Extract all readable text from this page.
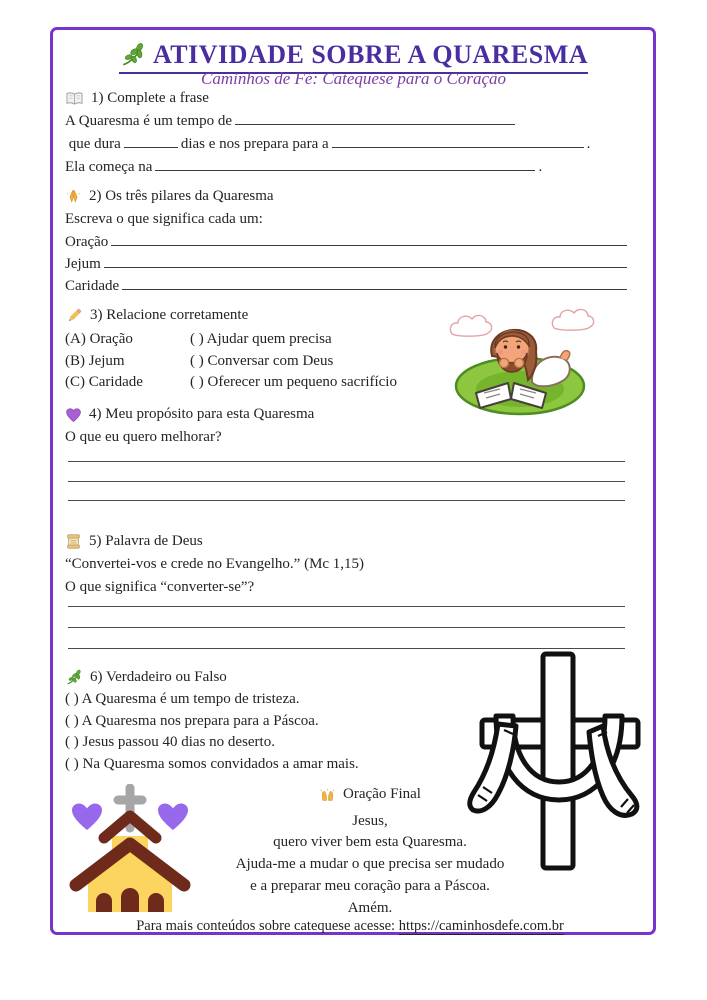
ATIVIDADE SOBRE A QUARESMA
Caminhos de Fé: Catequese para o Coração
1) Complete a frase
A Quaresma é um tempo de
que dura	dias e nos prepara para a	.
Ela começa na	.
2) Os três pilares da Quaresma
Escreva o que significa cada um:
Oração
Jejum
Caridade
3) Relacione corretamente
(A) Oração	( ) Ajudar quem precisa
(B) Jejum	( ) Conversar com Deus
(C) Caridade	( ) Oferecer um pequeno sacrifício
4) Meu propósito para esta Quaresma
O que eu quero melhorar?
5) Palavra de Deus
“Convertei-vos e crede no Evangelho.” (Mc 1,15)
O que significa “converter-se”?
6) Verdadeiro ou Falso
( ) A Quaresma é um tempo de tristeza.
( ) A Quaresma nos prepara para a Páscoa.
( ) Jesus passou 40 dias no deserto.
( ) Na Quaresma somos convidados a amar mais.
Oração Final
Jesus,
quero viver bem esta Quaresma.
Ajuda-me a mudar o que precisa ser mudado
e a preparar meu coração para a Páscoa.
Amém.
Para mais conteúdos sobre catequese acesse: https://caminhosdefe.com.br
